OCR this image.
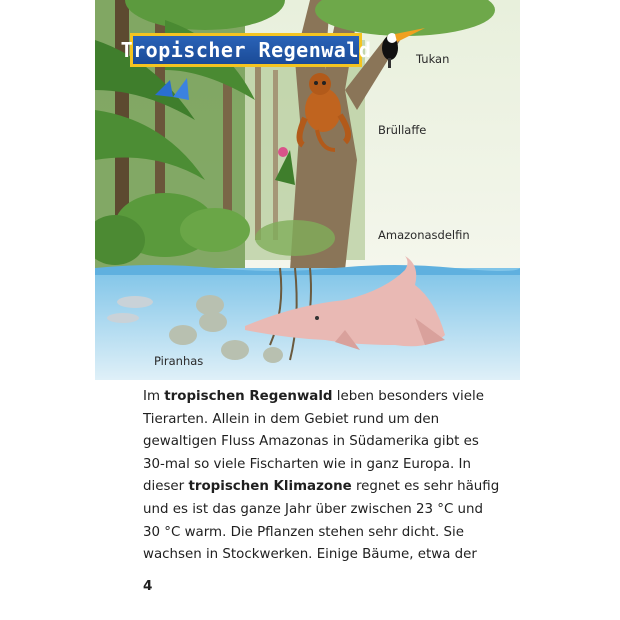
Tropischer Regenwald	Tukan
Brüllaffe
Amazonasdelfin
Piranhas

Im tropischen Regenwald leben besonders viele
Tierarten. Allein in dem Gebiet rund um den
gewaltigen Fluss Amazonas in Südamerika gibt es
30-mal so viele Fischarten wie in ganz Europa. In
dieser tropischen Klimazone regnet es sehr häufig
und es ist das ganze Jahr über zwischen 23 °C und
30 °C warm. Die Pflanzen stehen sehr dicht. Sie
wachsen in Stockwerken. Einige Bäume, etwa der

4
